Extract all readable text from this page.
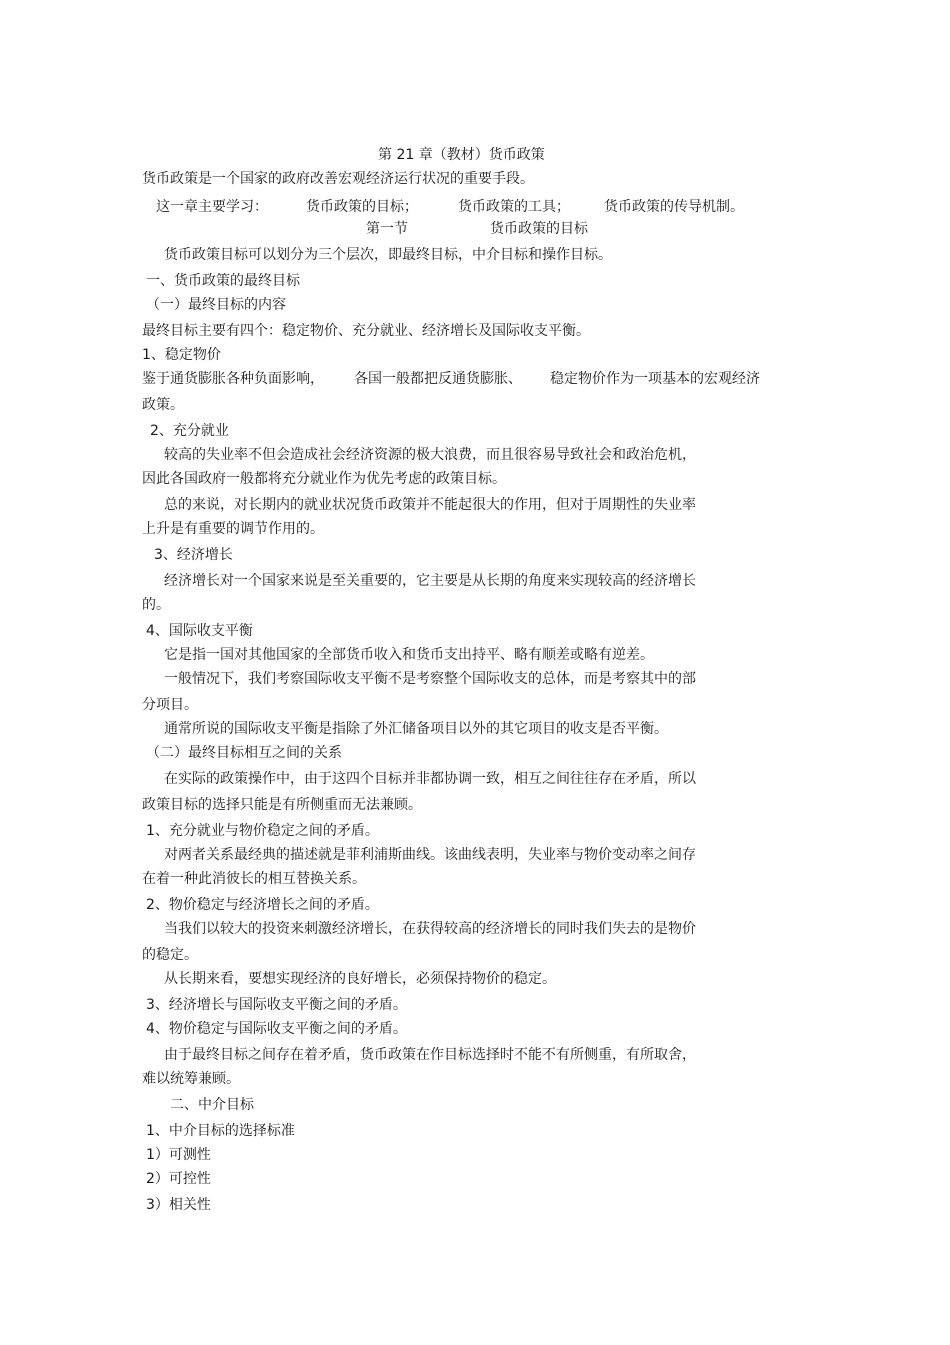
第 21 章（教材）货币政策

货币政策是一个国家的政府改善宏观经济运行状况的重要手段。

这一章主要学习：	货币政策的目标；	货币政策的工具； 货币政策的传导机制。

第一节	货币政策的目标

货币政策目标可以划分为三个层次，即最终目标，中介目标和操作目标。

一、货币政策的最终目标

（一）最终目标的内容

最终目标主要有四个：稳定物价、充分就业、经济增长及国际收支平衡。

1、稳定物价

鉴于通货膨胀各种负面影响， 各国一般都把反通货膨胀、 稳定物价作为一项基本的宏观经济

政策。

2、充分就业

较高的失业率不但会造成社会经济资源的极大浪费，而且很容易导致社会和政治危机，

因此各国政府一般都将充分就业作为优先考虑的政策目标。

总的来说，对长期内的就业状况货币政策并不能起很大的作用，但对于周期性的失业率

上升是有重要的调节作用的。

3、经济增长

经济增长对一个国家来说是至关重要的，它主要是从长期的角度来实现较高的经济增长

的。

4、国际收支平衡

它是指一国对其他国家的全部货币收入和货币支出持平、略有顺差或略有逆差。

一般情况下，我们考察国际收支平衡不是考察整个国际收支的总体，而是考察其中的部

分项目。

通常所说的国际收支平衡是指除了外汇储备项目以外的其它项目的收支是否平衡。

（二）最终目标相互之间的关系

在实际的政策操作中，由于这四个目标并非都协调一致，相互之间往往存在矛盾，所以

政策目标的选择只能是有所侧重而无法兼顾。

1、充分就业与物价稳定之间的矛盾。

对两者关系最经典的描述就是菲利浦斯曲线。该曲线表明，失业率与物价变动率之间存

在着一种此消彼长的相互替换关系。

2、物价稳定与经济增长之间的矛盾。

当我们以较大的投资来刺激经济增长，在获得较高的经济增长的同时我们失去的是物价

的稳定。

从长期来看，要想实现经济的良好增长，必须保持物价的稳定。

3、经济增长与国际收支平衡之间的矛盾。

4、物价稳定与国际收支平衡之间的矛盾。

由于最终目标之间存在着矛盾，货币政策在作目标选择时不能不有所侧重，有所取舍，

难以统筹兼顾。

二、中介目标

1、中介目标的选择标准

1）可测性

2）可控性

3）相关性
